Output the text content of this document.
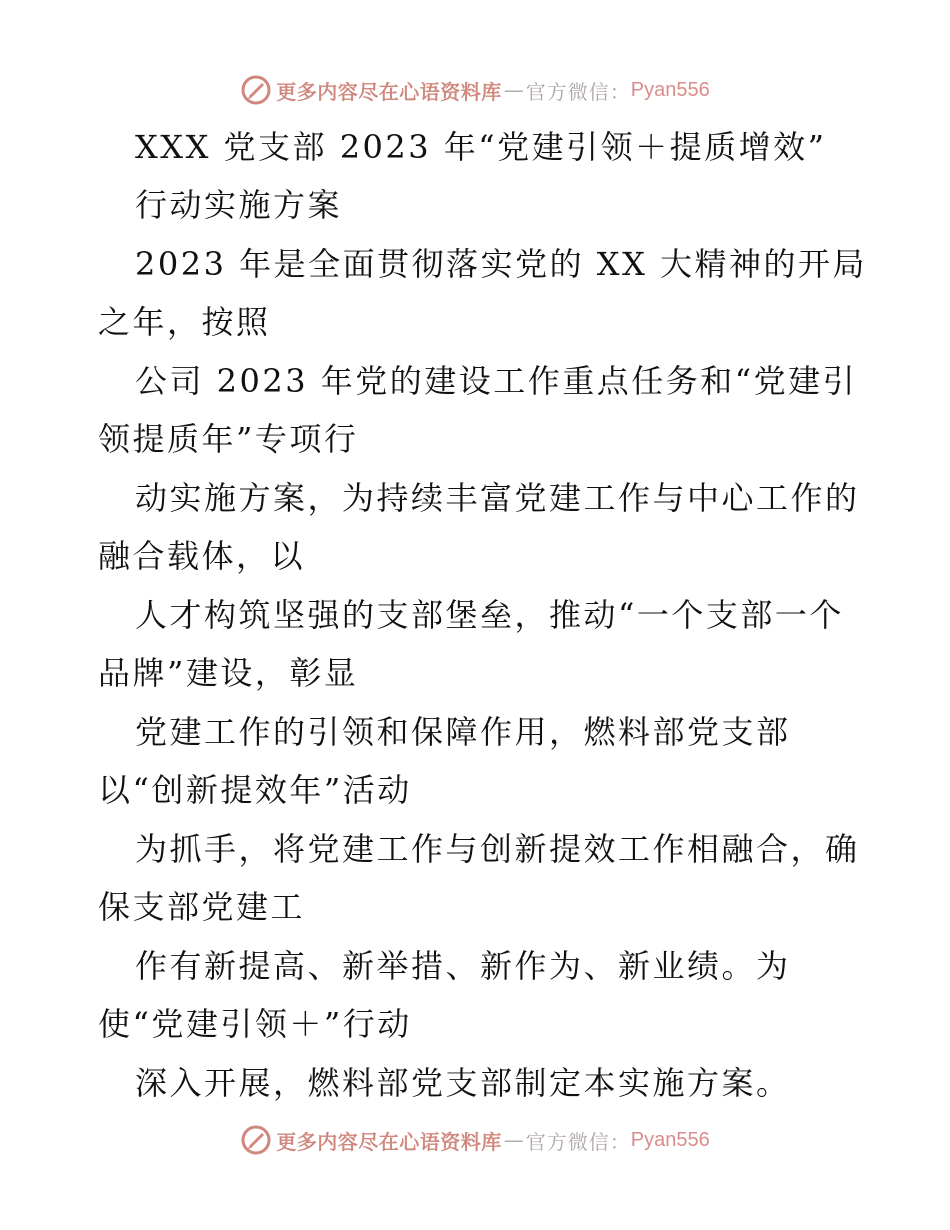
更多内容尽在心语资料库 — 官方微信： Pyan556
XXX 党支部 2023 年“党建引领＋提质增效”
行动实施方案
2023 年是全面贯彻落实党的 XX 大精神的开局
之年，按照
公司 2023 年党的建设工作重点任务和“党建引
领提质年”专项行
动实施方案，为持续丰富党建工作与中心工作的
融合载体，以
人才构筑坚强的支部堡垒，推动“一个支部一个
品牌”建设，彰显
党建工作的引领和保障作用，燃料部党支部
以“创新提效年”活动
为抓手，将党建工作与创新提效工作相融合，确
保支部党建工
作有新提高、新举措、新作为、新业绩。为
使“党建引领＋”行动
深入开展，燃料部党支部制定本实施方案。
更多内容尽在心语资料库 — 官方微信： Pyan556
